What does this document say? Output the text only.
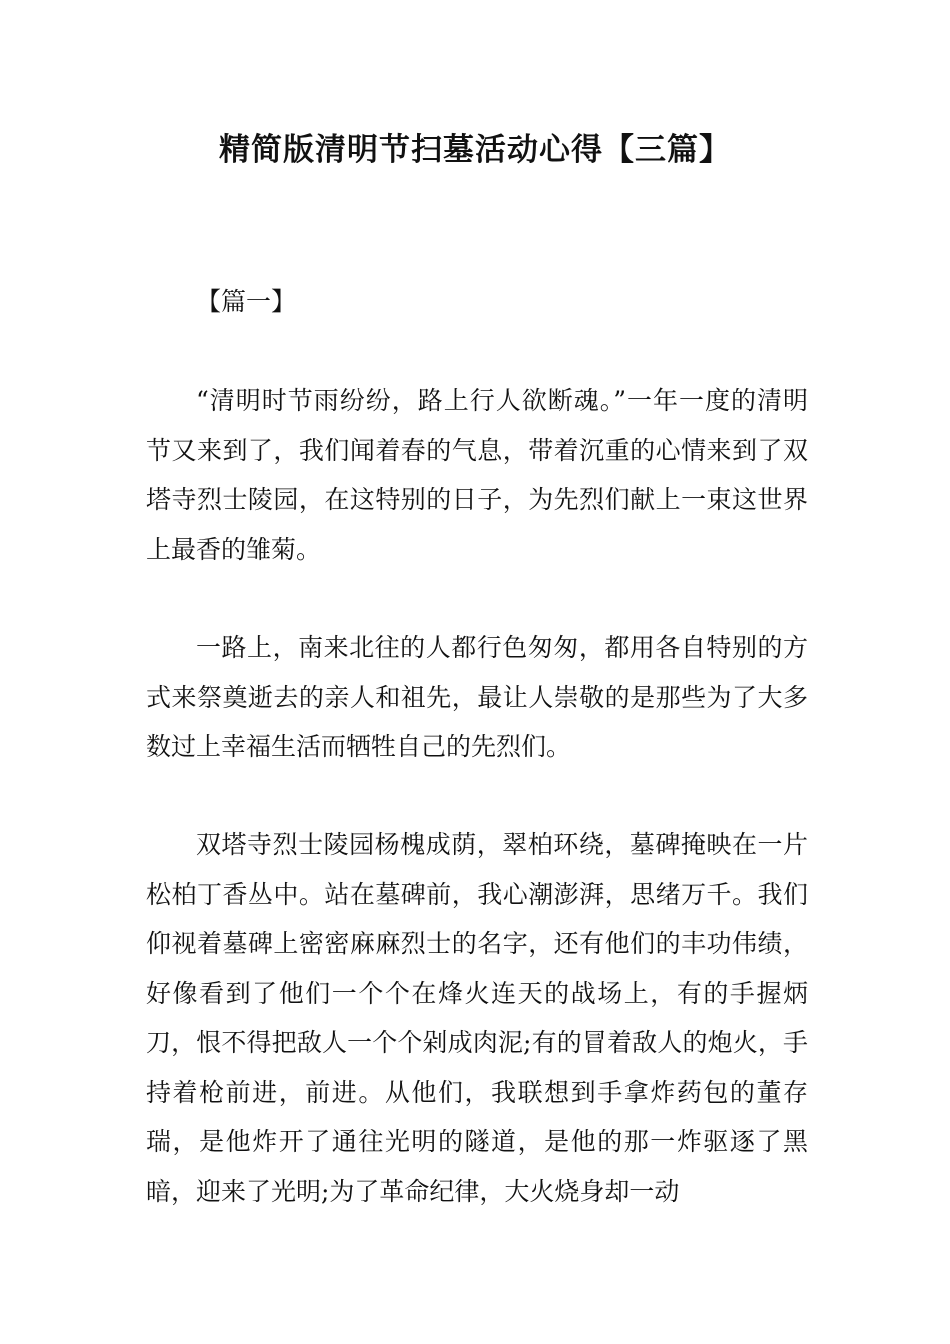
精简版清明节扫墓活动心得【三篇】

【篇一】

“清明时节雨纷纷，路上行人欲断魂。”一年一度的清明节又来到了，我们闻着春的气息，带着沉重的心情来到了双塔寺烈士陵园，在这特别的日子，为先烈们献上一束这世界上最香的雏菊。

一路上，南来北往的人都行色匆匆，都用各自特别的方式来祭奠逝去的亲人和祖先，最让人崇敬的是那些为了大多数过上幸福生活而牺牲自己的先烈们。

双塔寺烈士陵园杨槐成荫，翠柏环绕，墓碑掩映在一片松柏丁香丛中。站在墓碑前，我心潮澎湃，思绪万千。我们仰视着墓碑上密密麻麻烈士的名字，还有他们的丰功伟绩，好像看到了他们一个个在烽火连天的战场上，有的手握炳刀，恨不得把敌人一个个剁成肉泥;有的冒着敌人的炮火，手持着枪前进，前进。从他们，我联想到手拿炸药包的董存瑞，是他炸开了通往光明的隧道，是他的那一炸驱逐了黑暗，迎来了光明;为了革命纪律，大火烧身却一动
